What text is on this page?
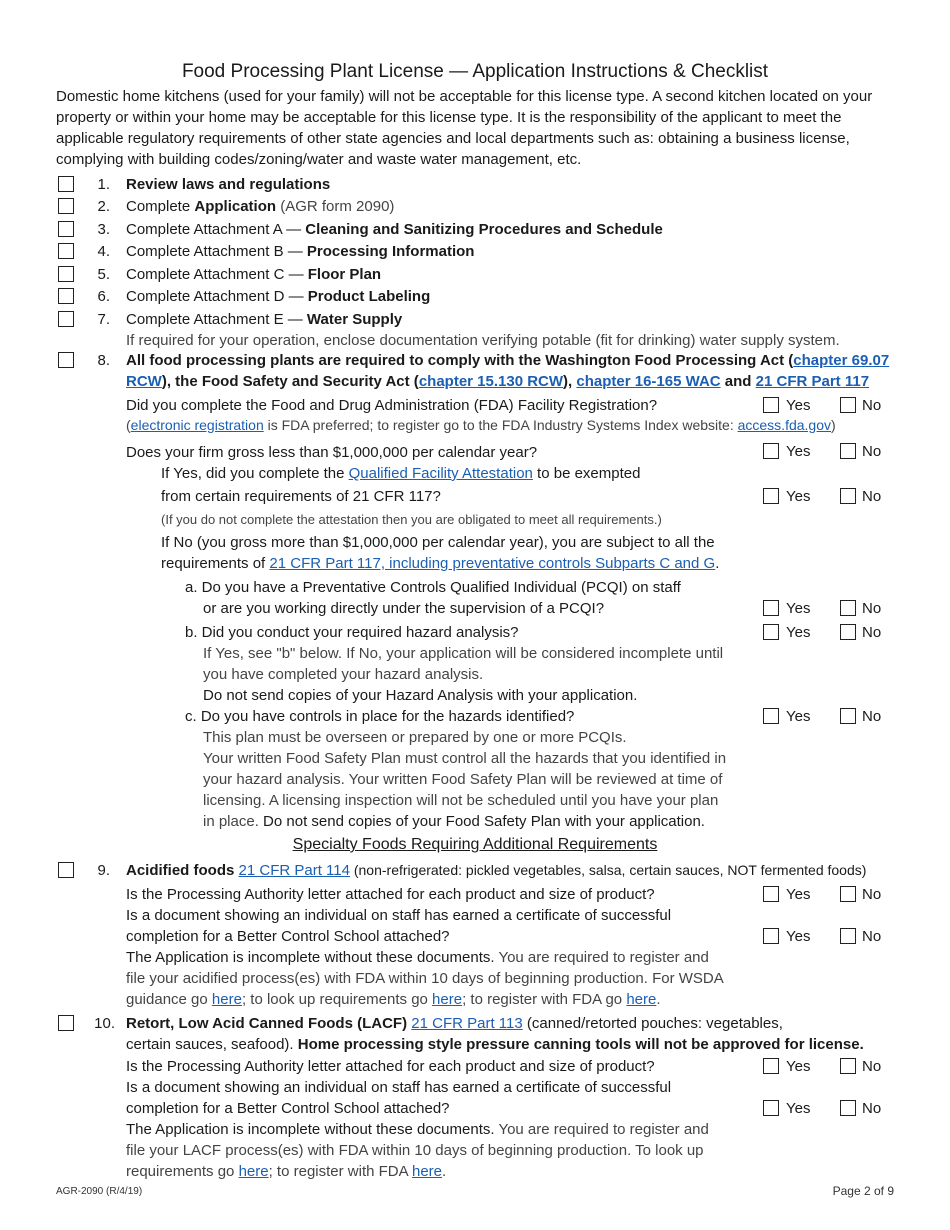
Food Processing Plant License — Application Instructions & Checklist
Domestic home kitchens (used for your family) will not be acceptable for this license type. A second kitchen located on your property or within your home may be acceptable for this license type. It is the responsibility of the applicant to meet the applicable regulatory requirements of other state agencies and local departments such as: obtaining a business license, complying with building codes/zoning/water and waste water management, etc.
1. Review laws and regulations
2. Complete Application (AGR form 2090)
3. Complete Attachment A — Cleaning and Sanitizing Procedures and Schedule
4. Complete Attachment B — Processing Information
5. Complete Attachment C — Floor Plan
6. Complete Attachment D — Product Labeling
7. Complete Attachment E — Water Supply
If required for your operation, enclose documentation verifying potable (fit for drinking) water supply system.
8. All food processing plants are required to comply with the Washington Food Processing Act (chapter 69.07
RCW), the Food Safety and Security Act (chapter 15.130 RCW), chapter 16-165 WAC and 21 CFR Part 117
Did you complete the Food and Drug Administration (FDA) Facility Registration?	Yes	No
(electronic registration is FDA preferred; to register go to the FDA Industry Systems Index website: access.fda.gov)
Does your firm gross less than $1,000,000 per calendar year?	Yes	No
If Yes, did you complete the Qualified Facility Attestation to be exempted
from certain requirements of 21 CFR 117?	Yes	No
(If you do not complete the attestation then you are obligated to meet all requirements.)
If No (you gross more than $1,000,000 per calendar year), you are subject to all the
requirements of 21 CFR Part 117, including preventative controls Subparts C and G.
a. Do you have a Preventative Controls Qualified Individual (PCQI) on staff
or are you working directly under the supervision of a PCQI?	Yes	No
b. Did you conduct your required hazard analysis?	Yes	No
If Yes, see "b" below. If No, your application will be considered incomplete until
you have completed your hazard analysis.
Do not send copies of your Hazard Analysis with your application.
c. Do you have controls in place for the hazards identified?	Yes	No
This plan must be overseen or prepared by one or more PCQIs.
Your written Food Safety Plan must control all the hazards that you identified in
your hazard analysis. Your written Food Safety Plan will be reviewed at time of
licensing. A licensing inspection will not be scheduled until you have your plan
in place. Do not send copies of your Food Safety Plan with your application.
Specialty Foods Requiring Additional Requirements
9. Acidified foods 21 CFR Part 114 (non-refrigerated: pickled vegetables, salsa, certain sauces, NOT fermented foods)
Is the Processing Authority letter attached for each product and size of product?	Yes	No
Is a document showing an individual on staff has earned a certificate of successful
completion for a Better Control School attached?	Yes	No
The Application is incomplete without these documents. You are required to register and
file your acidified process(es) with FDA within 10 days of beginning production. For WSDA
guidance go here; to look up requirements go here; to register with FDA go here.
10. Retort, Low Acid Canned Foods (LACF) 21 CFR Part 113 (canned/retorted pouches: vegetables,
certain sauces, seafood). Home processing style pressure canning tools will not be approved for license.
Is the Processing Authority letter attached for each product and size of product?	Yes	No
Is a document showing an individual on staff has earned a certificate of successful
completion for a Better Control School attached?	Yes	No
The Application is incomplete without these documents. You are required to register and
file your LACF process(es) with FDA within 10 days of beginning production. To look up
requirements go here; to register with FDA here.
AGR-2090 (R/4/19)	Page 2 of 9
